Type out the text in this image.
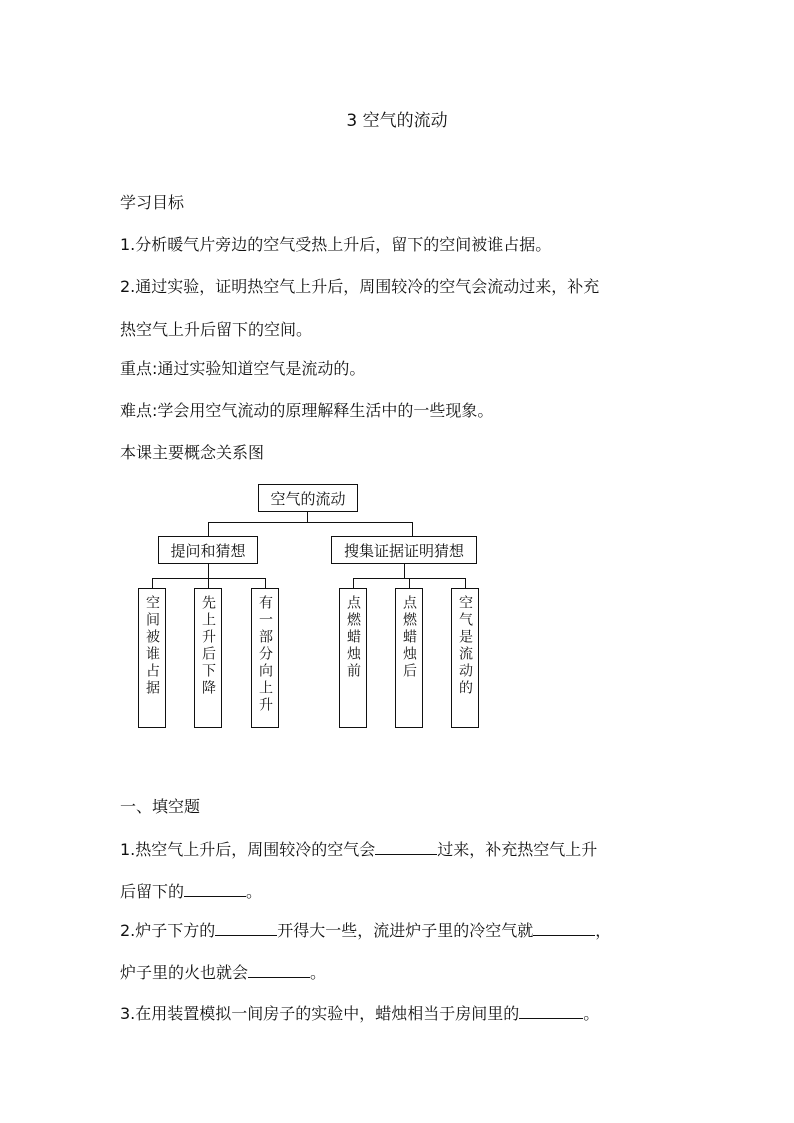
3 空气的流动
学习目标
1.分析暖气片旁边的空气受热上升后，留下的空间被谁占据。
2.通过实验，证明热空气上升后，周围较冷的空气会流动过来，补充
热空气上升后留下的空间。
重点:通过实验知道空气是流动的。
难点:学会用空气流动的原理解释生活中的一些现象。
本课主要概念关系图
空气的流动
提问和猜想	搜集证据证明猜想
空间被谁占据	先上升后下降	有一部分向上升	点燃蜡烛前	点燃蜡烛后	空气是流动的
一、填空题
1.热空气上升后，周围较冷的空气会	过来，补充热空气上升
后留下的	。
2.炉子下方的	开得大一些，流进炉子里的冷空气就	，
炉子里的火也就会	。
3.在用装置模拟一间房子的实验中，蜡烛相当于房间里的	。
